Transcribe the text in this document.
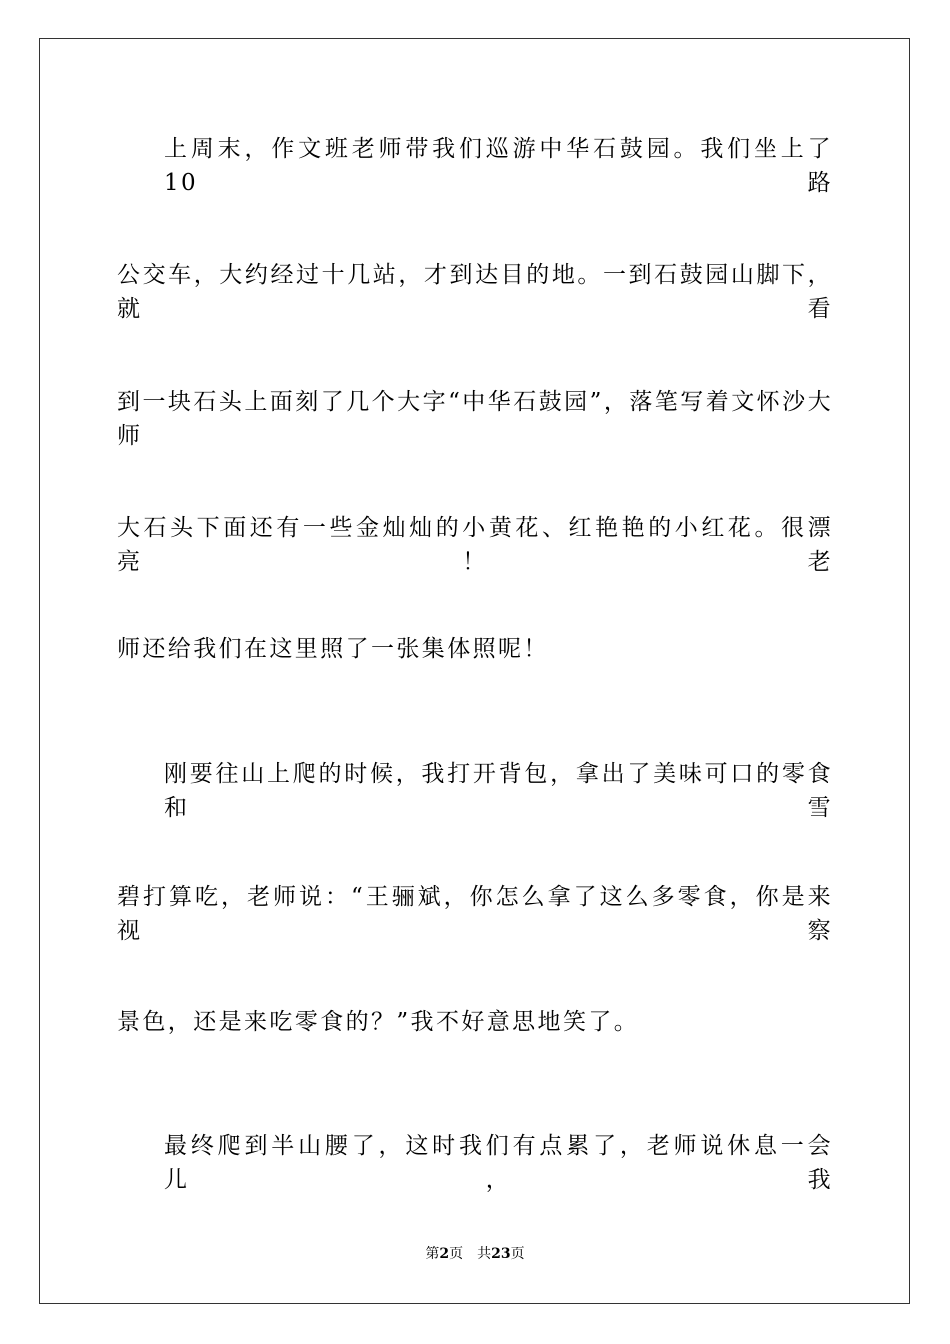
上周末，作文班老师带我们巡游中华石鼓园。我们坐上了 10 路
公交车，大约经过十几站，才到达目的地。一到石鼓园山脚下，就看
到一块石头上面刻了几个大字“中华石鼓园”，落笔写着文怀沙大师
大石头下面还有一些金灿灿的小黄花、红艳艳的小红花。很漂亮！老
师还给我们在这里照了一张集体照呢！
刚要往山上爬的时候，我打开背包，拿出了美味可口的零食和雪
碧打算吃，老师说：“王骊斌，你怎么拿了这么多零食，你是来视察
景色，还是来吃零食的？”我不好意思地笑了。
最终爬到半山腰了，这时我们有点累了，老师说休息一会儿，我
第2页 共23页
